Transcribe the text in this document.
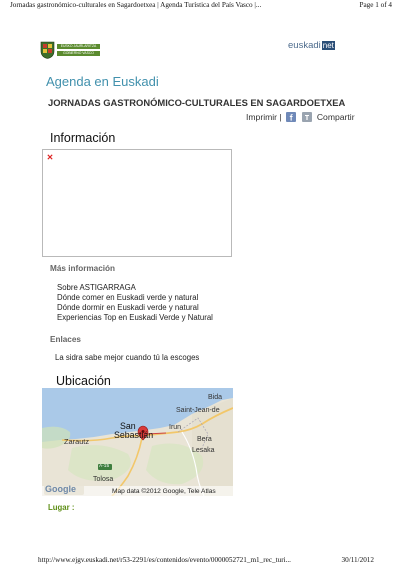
Jornadas gastronómico-culturales en Sagardoetxea | Agenda Turística del País Vasco |...	Page 1 of 4
EUSKO JAURLARITZA
GOBIERNO VASCO
euskadi net
Agenda en Euskadi
JORNADAS GASTRONÓMICO-CULTURALES EN SAGARDOETXEA
Imprimir |	Compartir
Información
Más información
Sobre ASTIGARRAGA
Dónde comer en Euskadi verde y natural
Dónde dormir en Euskadi verde y natural
Experiencias Top en Euskadi Verde y Natural
Enlaces
La sidra sabe mejor cuando tú la escoges
Ubicación
Bida
Saint-Jean-de
San
Sebastián
Irun
Zarautz	Bera
Lesaka
Tolosa
A-15
Google	Map data ©2012 Google, Tele Atlas
Lugar :
http://www.ejgv.euskadi.net/r53-2291/es/contenidos/evento/0000052721_m1_rec_turi...	30/11/2012
